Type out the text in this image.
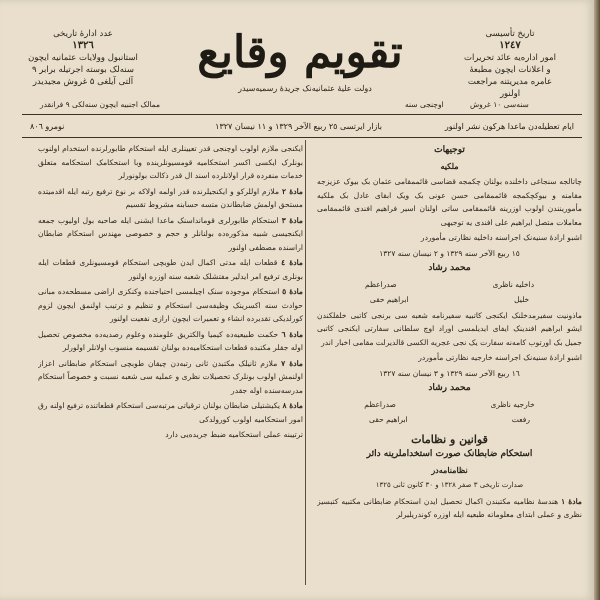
تاریخ تأسیسی
١٢٤٧
امور اداره‌یه عائد تحریرات
و اعلانات ایچون مطبعهٔ
عامره مدیریتنه مراجعت
اولنور
تقویم وقایع
دولت علیهٔ عثمانیه‌نک جریدهٔ رسمیه‌سیدر
عدد ادارهٔ تاریخی
١٣٢٦
استانبول وولایات عثمانیه ایچون
سنه‌لک بوسته اجرتیله برابر ٩
آلتی آیلغی ۵ غروش مجیدیدر
سنه‌سی ١٠ غروش
اوچنجی سنه
ممالک اجنبیه ایچون سنه‌لکی ٩ فرانقدر
ایام تعطیله‌دن ماعدا هرکون نشر اولنور
بازار ایرتسی ٢٥ ربیع الآخر ١٣٢٩ و ١١ نیسان ١٣٢٧
نومرو ٨٠٦
توجیهات
ملکیه

چاتالجه سنجاغی داخلنده بولنان چکمجه قضاسی قائممقامی عثمان بک بیوک عزیزجه مقامنه و بیوکچکمجه قائممقامی حسن عونی بک ویک ابقای عادل بک ملکیه مأمورینندن اولوب اوزرینه قائممقامی ساتی اولنان اسیر فراهیم افندی قائممقامی معاملات متصل ایراهیم علی افندی یه توجیهی

اشبو ارادهٔ سنیه‌نک اجراسنه داخلیه نظارتی مأموردر

١٥ ربیع الآخر سنه ١٣٢٩ و ٢ نیسان سنه ١٣٢٧
محمد رشاد
داخلیه ناظری
صدراعظم
خلیل
ابراهیم حقی

ماذونیت سفیرمدخلنک ایکنجی کاتبیه سفیرنامه شعبه سی برنجی کاتبی خلفلکندن ایشو ابراهیم افندینک ایفای ایدیلمسی اوراد اوچ سلطانی سفارتی ایکنجی کاتبی جمیل بک اورتوب کامه‌نه سفارت یک نجی عجریه الکسی قالدیرلت مقامی اخبار اندر

اشبو ارادهٔ سنیه‌نک اجراسنه خارجیه نظارتی مأموردر

١٦ ربیع الآخر سنه ١٣٢٩ و ٣ نیسان سنه ١٣٢٧
محمد رشاد
خارجیه ناظری
صدراعظم
رفعت
ابراهیم حقی
قوانین و نظامات
استحکام ضابطانک صورت استخداملرینه دائر
نظامنامه‌در
صدارت تاریخی ٣ صفر ١٣٢٨ و ٣٠ کانون ثانی ١٣٢٥

مادهٔ ١ هندسهٔ نظامیه مکتبندن اکمال تحصیل ایدن استحکام ضابطانی مکتبیه کتبسیز نظری و عملی ابتدای معلوماته طبعیه ایله اوزره کوندریلیرلر

ایکنجی ملازم اولوب اوچنجی قدر تعیینلری ایله استحکام طابورلرنده استخدام اولنوب بونلرک ایکسی اکسر استحکامیه قومسیونلرینده وبا استحکامک استحکامه متعلق خدمات منفرده قرار اولانلرده اسند ال قدر ذکالت بولونورلر

مادهٔ ٢ ملازم اوللرکو و ایکنجیلرنده قدر اولمه اولاکه بر نوع ترفیع رتبه ایله اقدمیتده مستحق اولمش ضابطاندن متسه حسابنه مشروط تقسیم

مادهٔ ٣ استحکام طابورلری قومانداسنک ماعدا ایشنی ایله صاحبه بول اولیوب جمعه ایکنجیسی شبیه مذکوره‌ده بولنانلر و حجم و خصوصی مهندس استحکام ضابطان اراسنده مصطفی اولنور

مادهٔ ٤ قطعات ایله مدتی اکمال ایدن طوبچی استحکام قومسیونلری قطعات ایله بونلری ترفیع امر ایدلیر مفتشلک شعبه سنه اوزره اولنور

مادهٔ ٥ استحکام موجوده سنک اچیلمسی احتیاجنده وکنکزی اراضی مسطحه‌ده مبانی حوادث سنه اکسرینک وظیفه‌سی استحکام و تنظیم و ترتیب اولنمق ایچون لزوم کورلدیکی تقدیرده انشاء و تعمیرات ایچون ارازی نفعیت اولنور

مادهٔ ٦ حکمت طبیعیه‌ده کیمیا والکتریق علومنده وعلوم رصدیه‌ده مخصوص تحصیل اوله جقلر مکتبده قطعات استحکامیه‌ده بولنان تقسیمه منسوب اولانلر اولورلر

مادهٔ ٧ ملازم ثانیلک مکتبدن ثانی رتبه‌دن چیقان طوبچی استحکام ضابطانی اعزاز اولنمش اولوب بونلرک تحصیلات نظری و عملیه سی شعبه نسبت و خصوصاً استحکام مدرسه‌سنده اوله جقدر

مادهٔ ٨ یکیشتیلی ضابطان بولنان ترقیاتی مرتبه‌سی استحکام قطعاتنده ترفیع اولنه رق امور استحکامیه اولوب کورولدکی

ترتیبنه عملی استحکامیه ضبط جریده‌یی دارد
